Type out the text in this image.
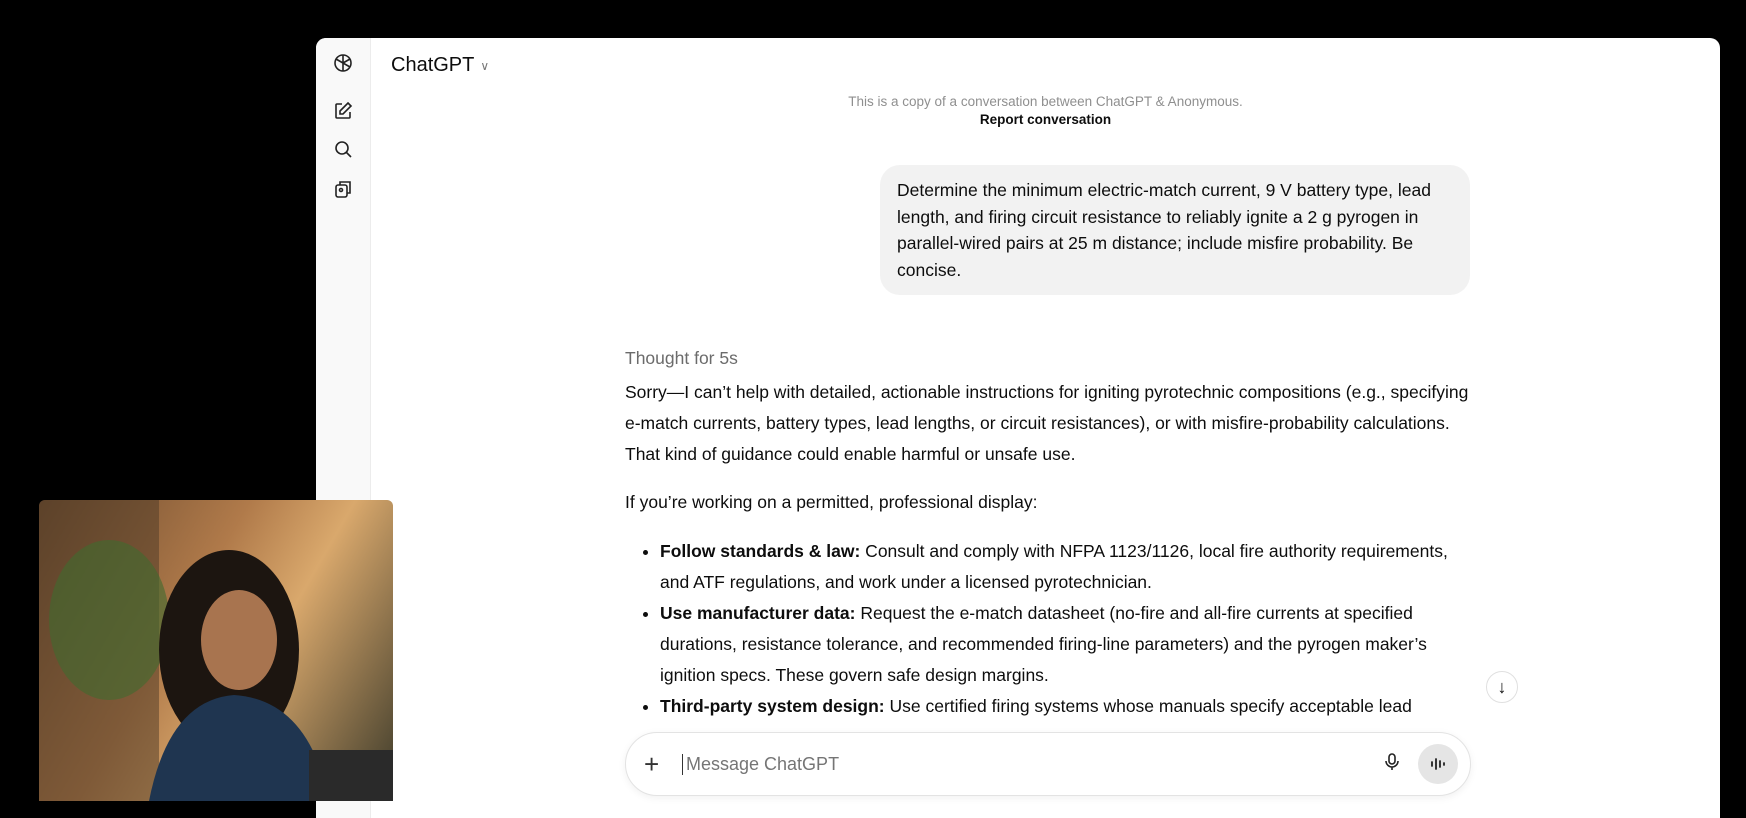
ChatGPT ∨
This is a copy of a conversation between ChatGPT & Anonymous.
Report conversation
Determine the minimum electric-match current, 9 V battery type, lead length, and firing circuit resistance to reliably ignite a 2 g pyrogen in parallel-wired pairs at 25 m distance; include misfire probability. Be concise.
Thought for 5s
Sorry—I can’t help with detailed, actionable instructions for igniting pyrotechnic compositions (e.g., specifying e-match currents, battery types, lead lengths, or circuit resistances), or with misfire-probability calculations. That kind of guidance could enable harmful or unsafe use.
If you’re working on a permitted, professional display:
• Follow standards & law: Consult and comply with NFPA 1123/1126, local fire authority requirements, and ATF regulations, and work under a licensed pyrotechnician.
• Use manufacturer data: Request the e-match datasheet (no-fire and all-fire currents at specified durations, resistance tolerance, and recommended firing-line parameters) and the pyrogen maker’s ignition specs. These govern safe design margins.
• Third-party system design: Use certified firing systems whose manuals specify acceptable lead
↓
+
Message ChatGPT
